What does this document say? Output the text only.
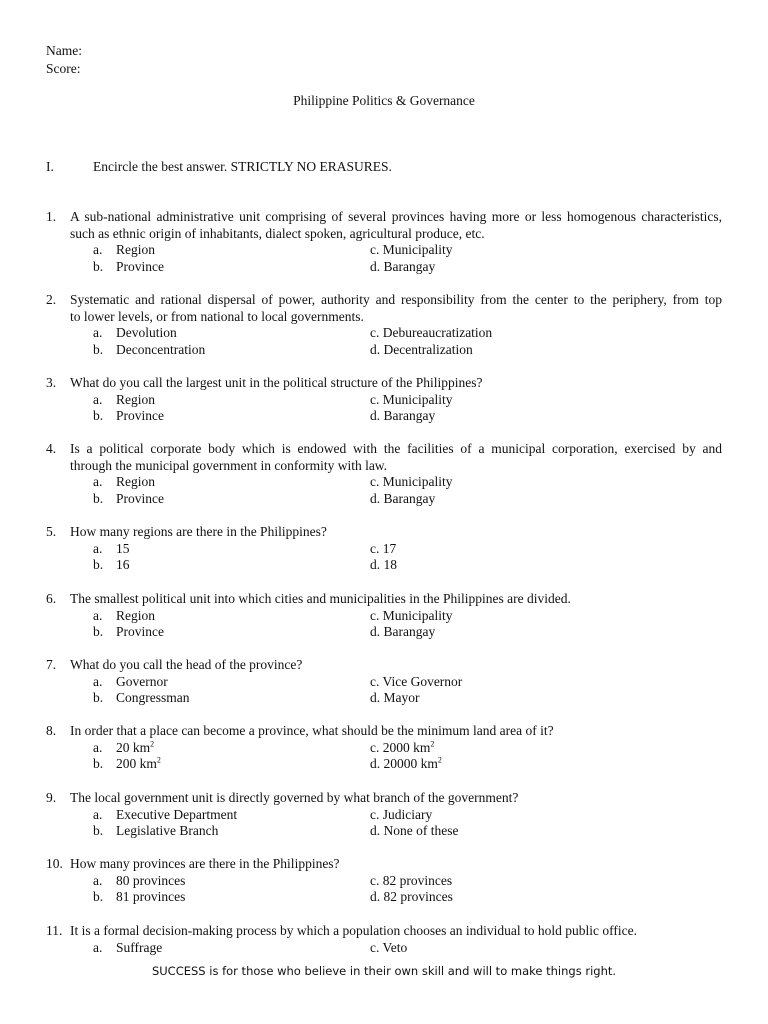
Name:
Score:
Philippine Politics & Governance
I.	Encircle the best answer. STRICTLY NO ERASURES.
1. A sub-national administrative unit comprising of several provinces having more or less homogenous characteristics,
such as ethnic origin of inhabitants, dialect spoken, agricultural produce, etc.
a. Region	c. Municipality
b. Province	d. Barangay
2. Systematic and rational dispersal of power, authority and responsibility from the center to the periphery, from top
to lower levels, or from national to local governments.
a. Devolution	c. Debureaucratization
b. Deconcentration	d. Decentralization
3. What do you call the largest unit in the political structure of the Philippines?
a. Region	c. Municipality
b. Province	d. Barangay
4. Is a political corporate body which is endowed with the facilities of a municipal corporation, exercised by and
through the municipal government in conformity with law.
a. Region	c. Municipality
b. Province	d. Barangay
5. How many regions are there in the Philippines?
a. 15	c. 17
b. 16	d. 18
6. The smallest political unit into which cities and municipalities in the Philippines are divided.
a. Region	c. Municipality
b. Province	d. Barangay
7. What do you call the head of the province?
a. Governor	c. Vice Governor
b. Congressman	d. Mayor
8. In order that a place can become a province, what should be the minimum land area of it?
a. 20 $km^2$	c. 2000 $km^2$
b. 200 $km^2$	d. 20000 $km^2$
9. The local government unit is directly governed by what branch of the government?
a. Executive Department	c. Judiciary
b. Legislative Branch	d. None of these
10. How many provinces are there in the Philippines?
a. 80 provinces	c. 82 provinces
b. 81 provinces	d. 82 provinces
11. It is a formal decision-making process by which a population chooses an individual to hold public office.
a. Suffrage	c. Veto
SUCCESS is for those who believe in their own skill and will to make things right.
